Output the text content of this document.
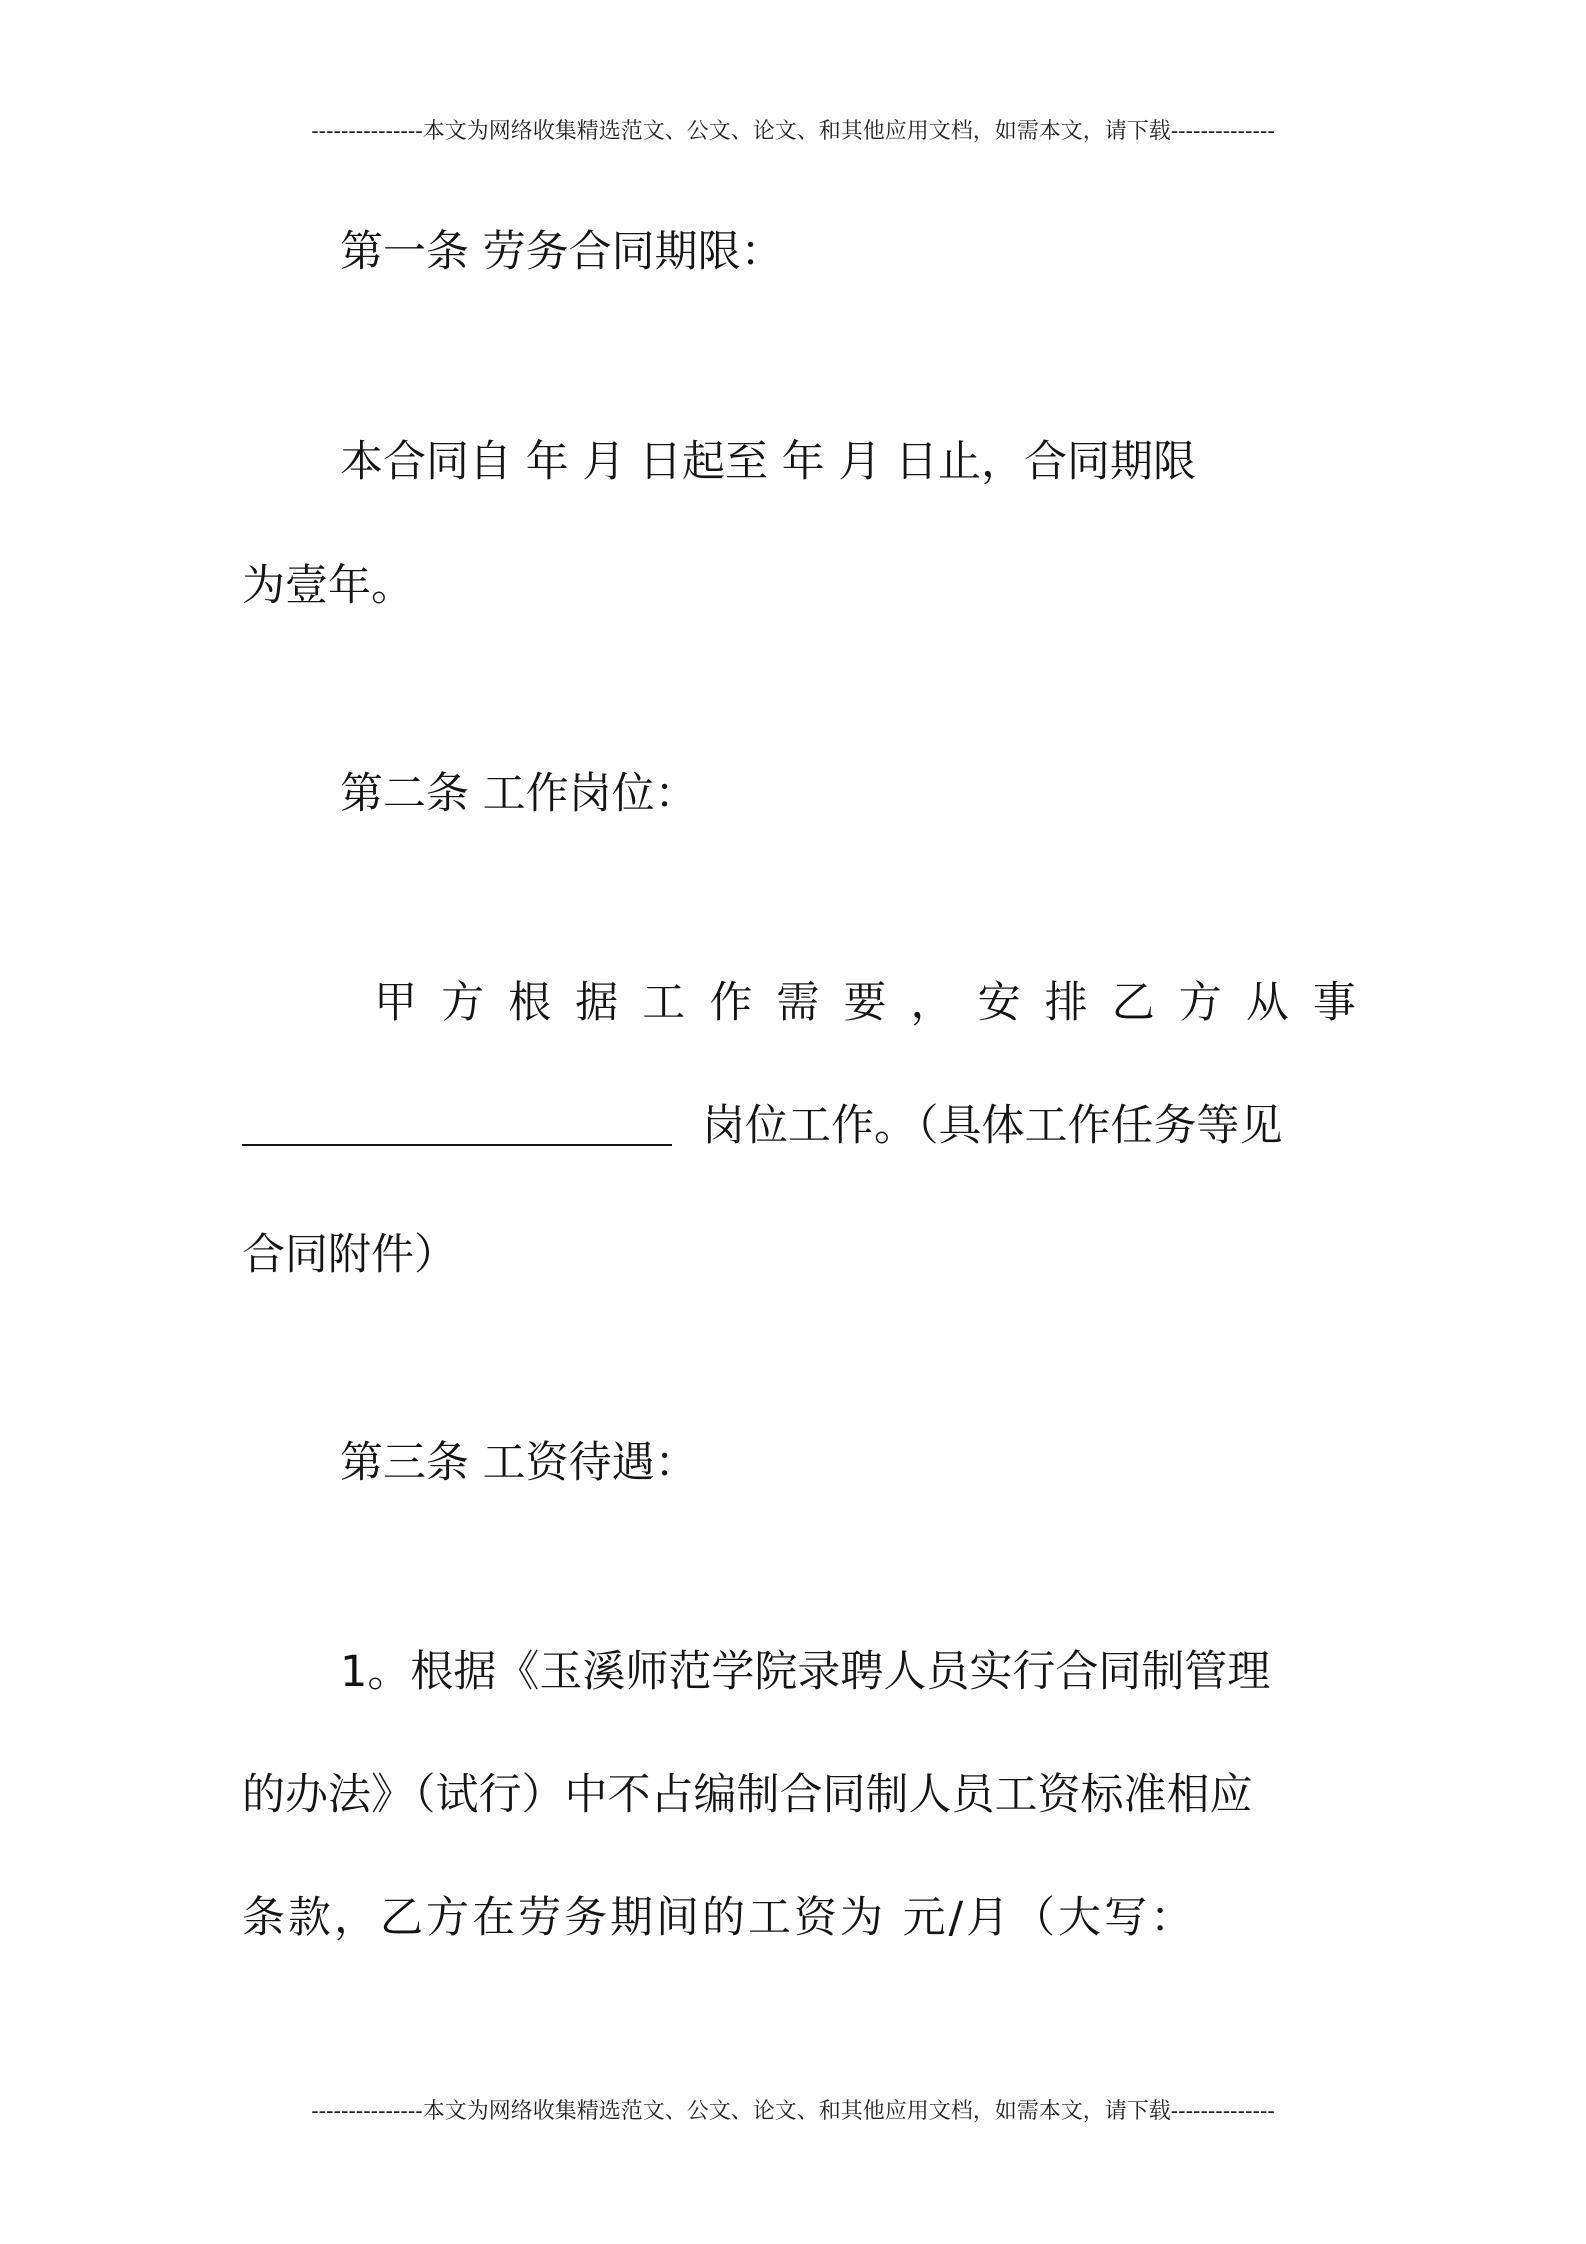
---------------本文为网络收集精选范文、公文、论文、和其他应用文档，如需本文，请下载--------------
第一条 劳务合同期限：
本合同自 年 月 日起至 年 月 日止，合同期限
为壹年。
第二条 工作岗位：
甲 方 根 据 工 作 需 要 ， 安 排 乙 方 从 事
岗位工作。（具体工作任务等见
合同附件）
第三条 工资待遇：
1。根据《玉溪师范学院录聘人员实行合同制管理
的办法》（试行）中不占编制合同制人员工资标准相应
条款，乙方在劳务期间的工资为 元/月（大写：
---------------本文为网络收集精选范文、公文、论文、和其他应用文档，如需本文，请下载--------------
